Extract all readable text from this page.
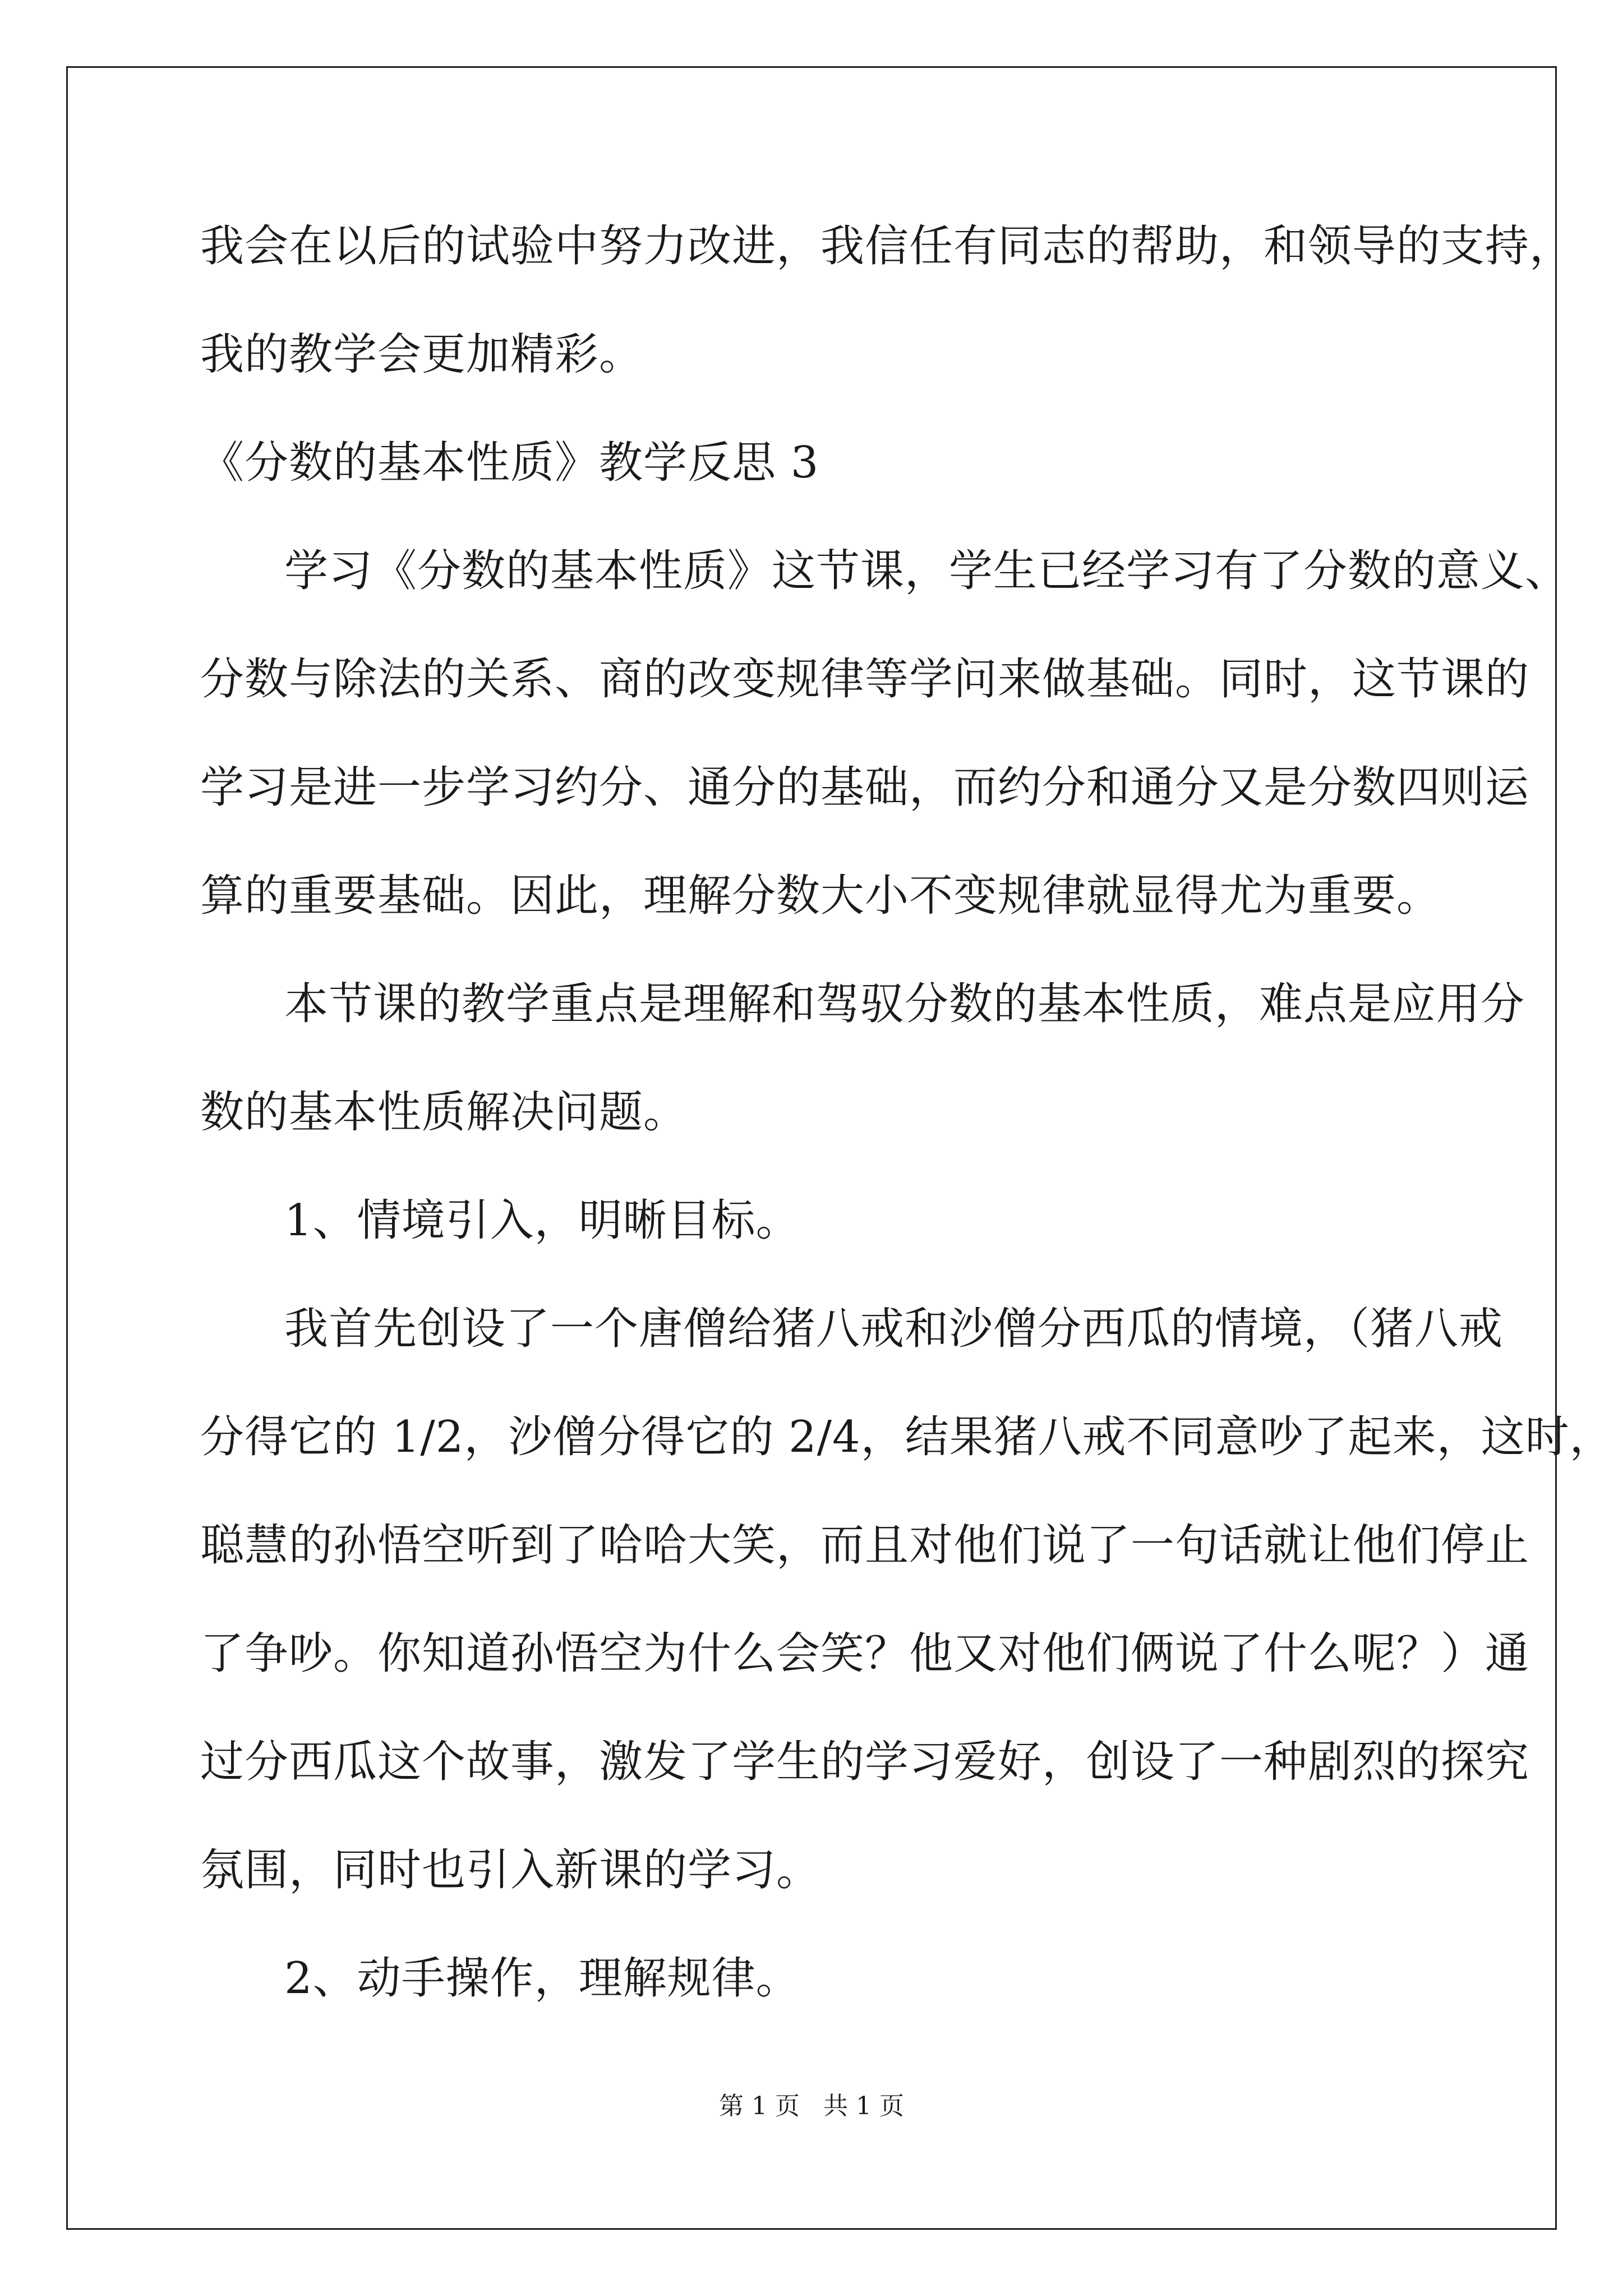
我会在以后的试验中努力改进，我信任有同志的帮助，和领导的支持，
我的教学会更加精彩。
《分数的基本性质》教学反思 3
学习《分数的基本性质》这节课，学生已经学习有了分数的意义、
分数与除法的关系、商的改变规律等学问来做基础。同时，这节课的
学习是进一步学习约分、通分的基础，而约分和通分又是分数四则运
算的重要基础。因此，理解分数大小不变规律就显得尤为重要。
本节课的教学重点是理解和驾驭分数的基本性质，难点是应用分
数的基本性质解决问题。
1、情境引入，明晰目标。
我首先创设了一个唐僧给猪八戒和沙僧分西瓜的情境，（猪八戒
分得它的 1/2，沙僧分得它的 2/4，结果猪八戒不同意吵了起来，这时，
聪慧的孙悟空听到了哈哈大笑，而且对他们说了一句话就让他们停止
了争吵。你知道孙悟空为什么会笑？他又对他们俩说了什么呢？）通
过分西瓜这个故事，激发了学生的学习爱好，创设了一种剧烈的探究
氛围，同时也引入新课的学习。
2、动手操作，理解规律。
第 1 页   共 1 页
